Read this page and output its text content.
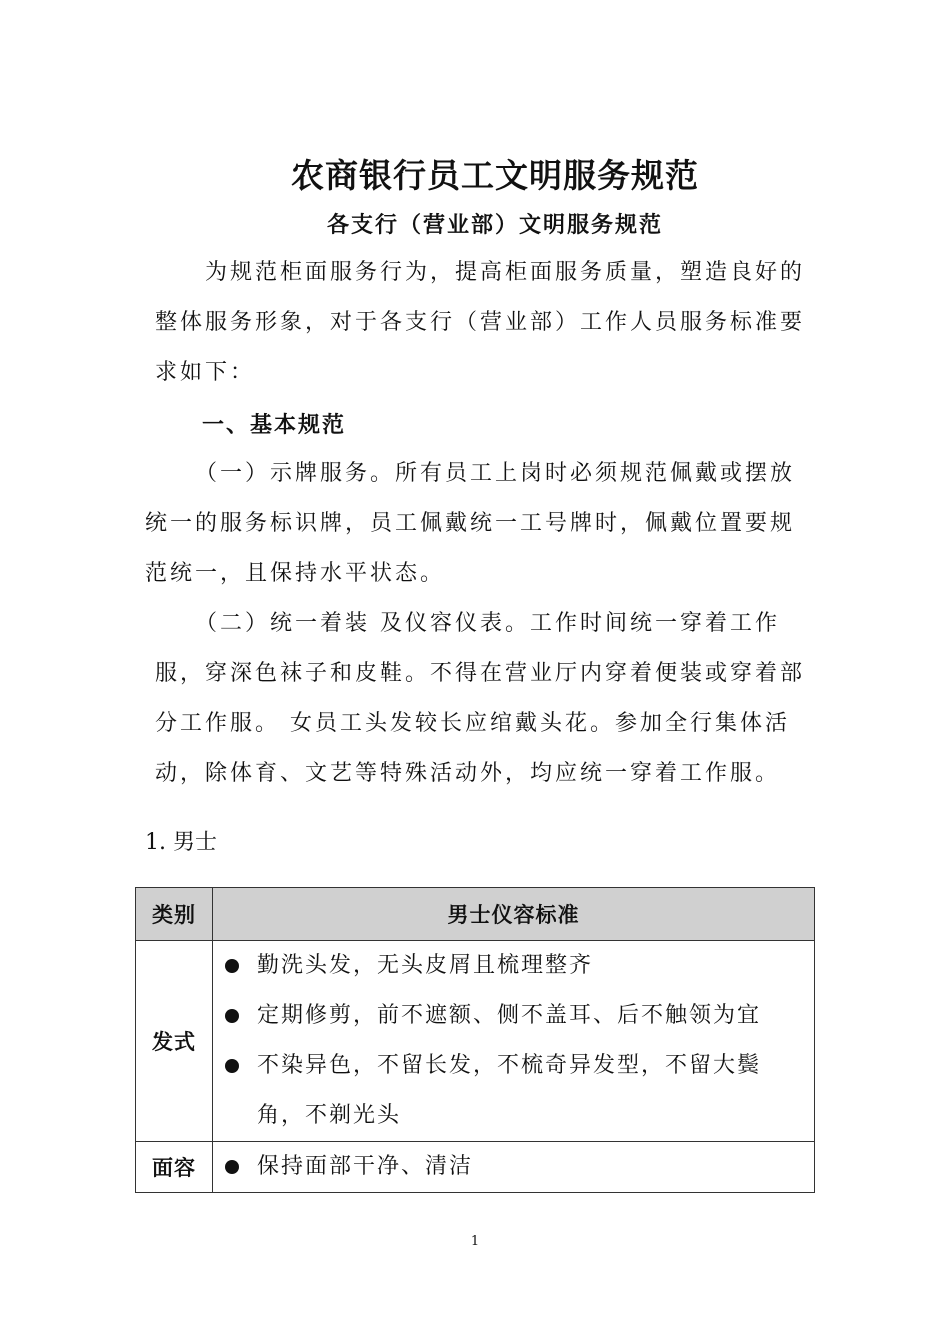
农商银行员工文明服务规范
各支行（营业部）文明服务规范
为规范柜面服务行为，提高柜面服务质量，塑造良好的整体服务形象，对于各支行（营业部）工作人员服务标准要求如下：
一、基本规范
（一）示牌服务。所有员工上岗时必须规范佩戴或摆放统一的服务标识牌，员工佩戴统一工号牌时，佩戴位置要规范统一，且保持水平状态。
（二）统一着装 及仪容仪表。工作时间统一穿着工作服，穿深色袜子和皮鞋。不得在营业厅内穿着便装或穿着部分工作服。 女员工头发较长应绾戴头花。参加全行集体活动，除体育、文艺等特殊活动外，均应统一穿着工作服。
1. 男士
类别	男士仪容标准
发式	勤洗头发，无头皮屑且梳理整齐
定期修剪，前不遮额、侧不盖耳、后不触领为宜
不染异色，不留长发，不梳奇异发型，不留大鬓角，不剃光头

面容	保持面部干净、清洁
1
